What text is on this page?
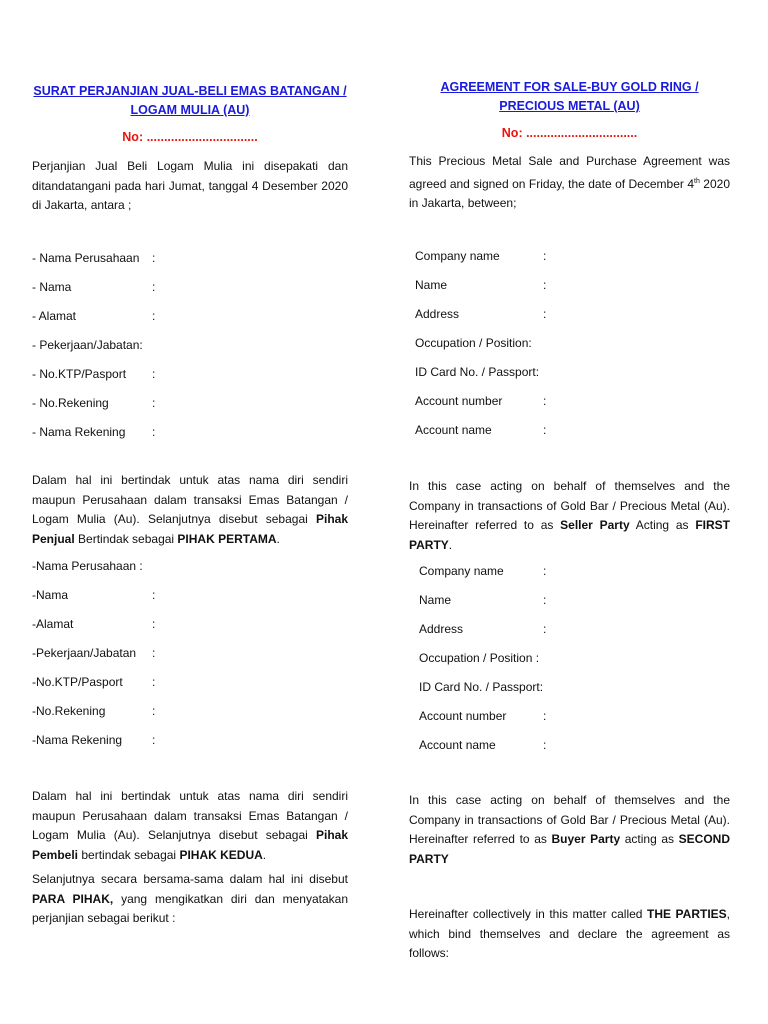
SURAT PERJANJIAN JUAL-BELI EMAS BATANGAN / LOGAM MULIA (AU)
No: ................................
Perjanjian Jual Beli Logam Mulia ini disepakati dan ditandatangani pada hari Jumat, tanggal 4 Desember 2020 di Jakarta, antara ;
- Nama Perusahaan :
- Nama	:
- Alamat	:
- Pekerjaan/Jabatan:
- No.KTP/Pasport :
- No.Rekening	:
- Nama Rekening :
Dalam hal ini bertindak untuk atas nama diri sendiri maupun Perusahaan dalam transaksi Emas Batangan / Logam Mulia (Au). Selanjutnya disebut sebagai Pihak Penjual Bertindak sebagai PIHAK PERTAMA.
-Nama Perusahaan :
-Nama	:
-Alamat	:
-Pekerjaan/Jabatan :
-No.KTP/Pasport :
-No.Rekening	:
-Nama Rekening :
Dalam hal ini bertindak untuk atas nama diri sendiri maupun Perusahaan dalam transaksi Emas Batangan / Logam Mulia (Au). Selanjutnya disebut sebagai Pihak Pembeli bertindak sebagai PIHAK KEDUA.
Selanjutnya secara bersama-sama dalam hal ini disebut PARA PIHAK, yang mengikatkan diri dan menyatakan perjanjian sebagai berikut :
AGREEMENT FOR SALE-BUY GOLD RING / PRECIOUS METAL (AU)
No: ................................
This Precious Metal Sale and Purchase Agreement was agreed and signed on Friday, the date of December 4th 2020 in Jakarta, between;
Company name	:
Name	:
Address	:
Occupation / Position:
ID Card No. / Passport:
Account number	:
Account name	:
In this case acting on behalf of themselves and the Company in transactions of Gold Bar / Precious Metal (Au). Hereinafter referred to as Seller Party Acting as FIRST PARTY.
Company name	:
Name	:
Address	:
Occupation / Position :
ID Card No. / Passport:
Account number	:
Account name	:
In this case acting on behalf of themselves and the Company in transactions of Gold Bar / Precious Metal (Au). Hereinafter referred to as Buyer Party acting as SECOND PARTY
Hereinafter collectively in this matter called THE PARTIES, which bind themselves and declare the agreement as follows:
